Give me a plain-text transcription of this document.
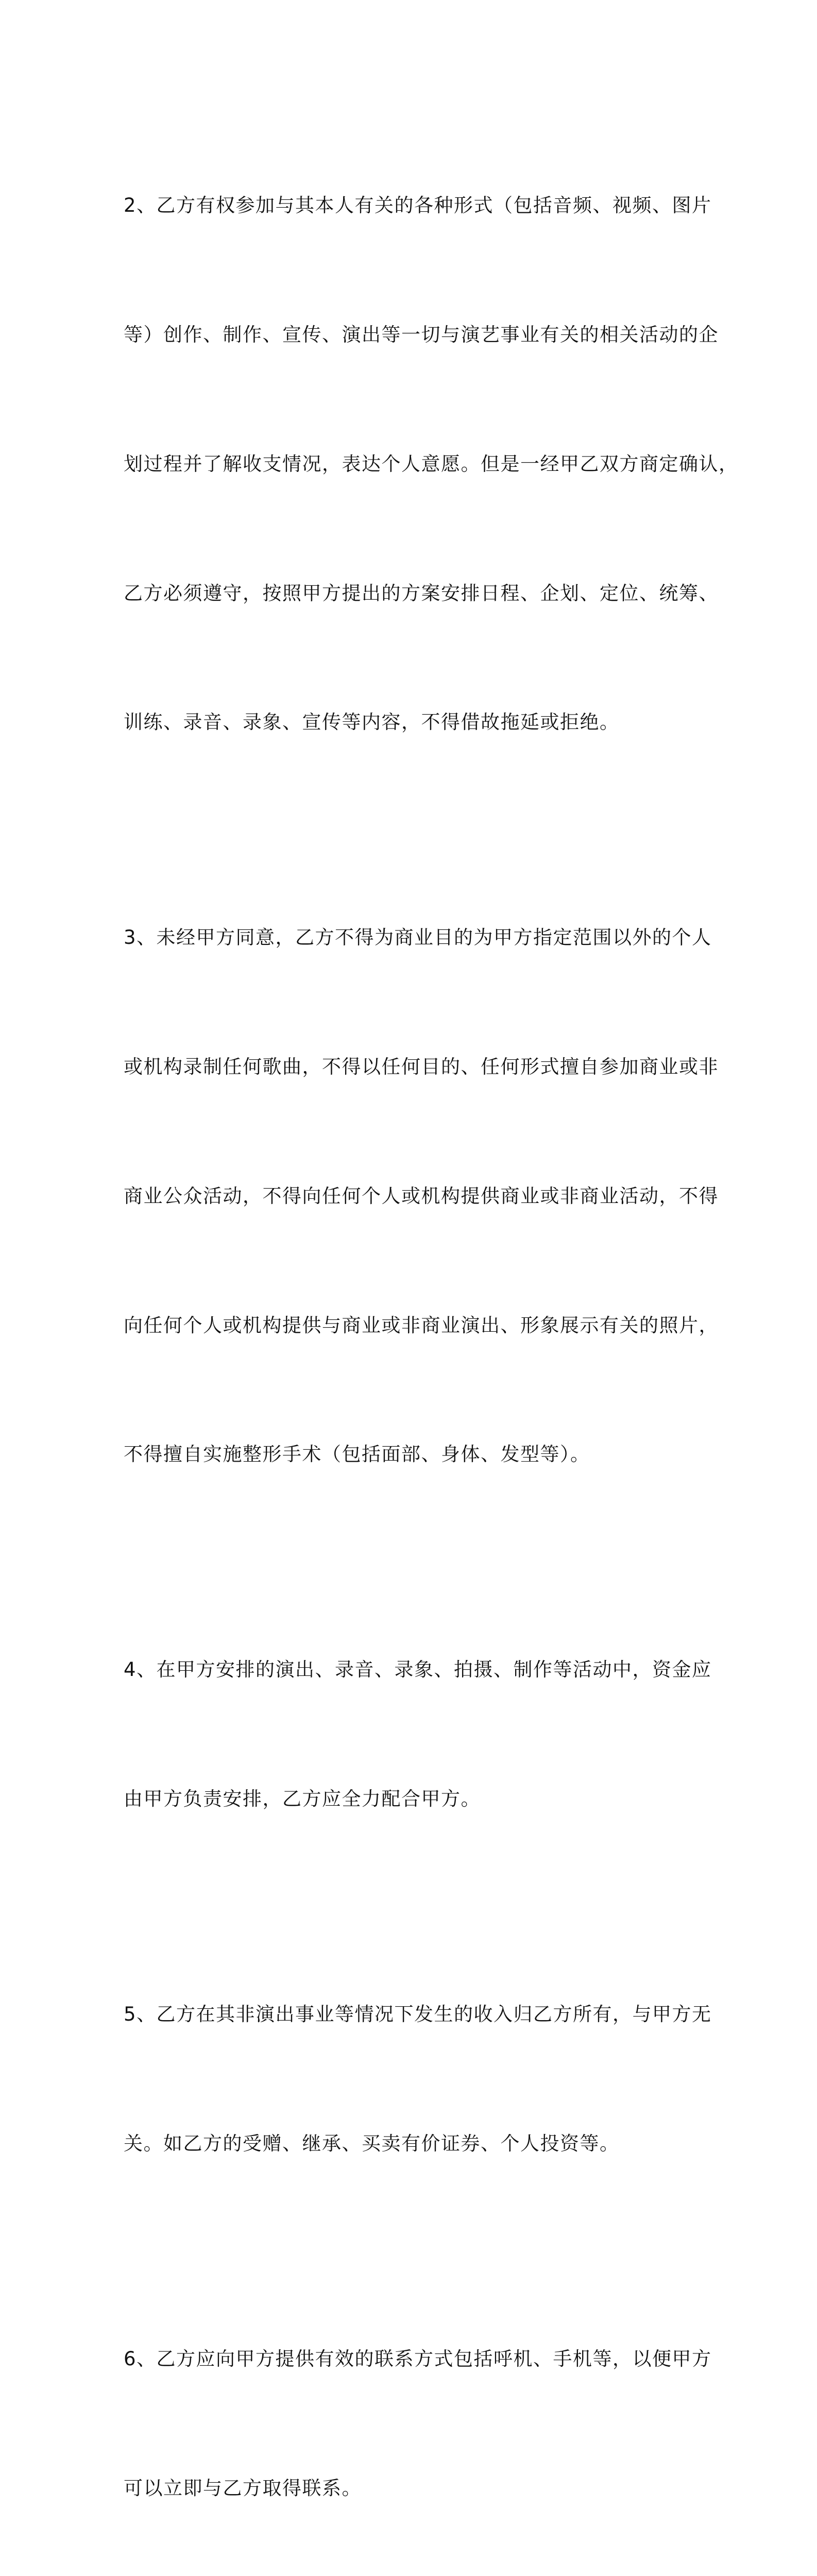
2、乙方有权参加与其本人有关的各种形式（包括音频、视频、图片

等）创作、制作、宣传、演出等一切与演艺事业有关的相关活动的企

划过程并了解收支情况，表达个人意愿。但是一经甲乙双方商定确认，

乙方必须遵守，按照甲方提出的方案安排日程、企划、定位、统筹、

训练、录音、录象、宣传等内容，不得借故拖延或拒绝。

3、未经甲方同意，乙方不得为商业目的为甲方指定范围以外的个人

或机构录制任何歌曲，不得以任何目的、任何形式擅自参加商业或非

商业公众活动，不得向任何个人或机构提供商业或非商业活动，不得

向任何个人或机构提供与商业或非商业演出、形象展示有关的照片，

不得擅自实施整形手术（包括面部、身体、发型等）。

4、在甲方安排的演出、录音、录象、拍摄、制作等活动中，资金应

由甲方负责安排，乙方应全力配合甲方。

5、乙方在其非演出事业等情况下发生的收入归乙方所有，与甲方无

关。如乙方的受赠、继承、买卖有价证券、个人投资等。

6、乙方应向甲方提供有效的联系方式包括呼机、手机等，以便甲方

可以立即与乙方取得联系。
